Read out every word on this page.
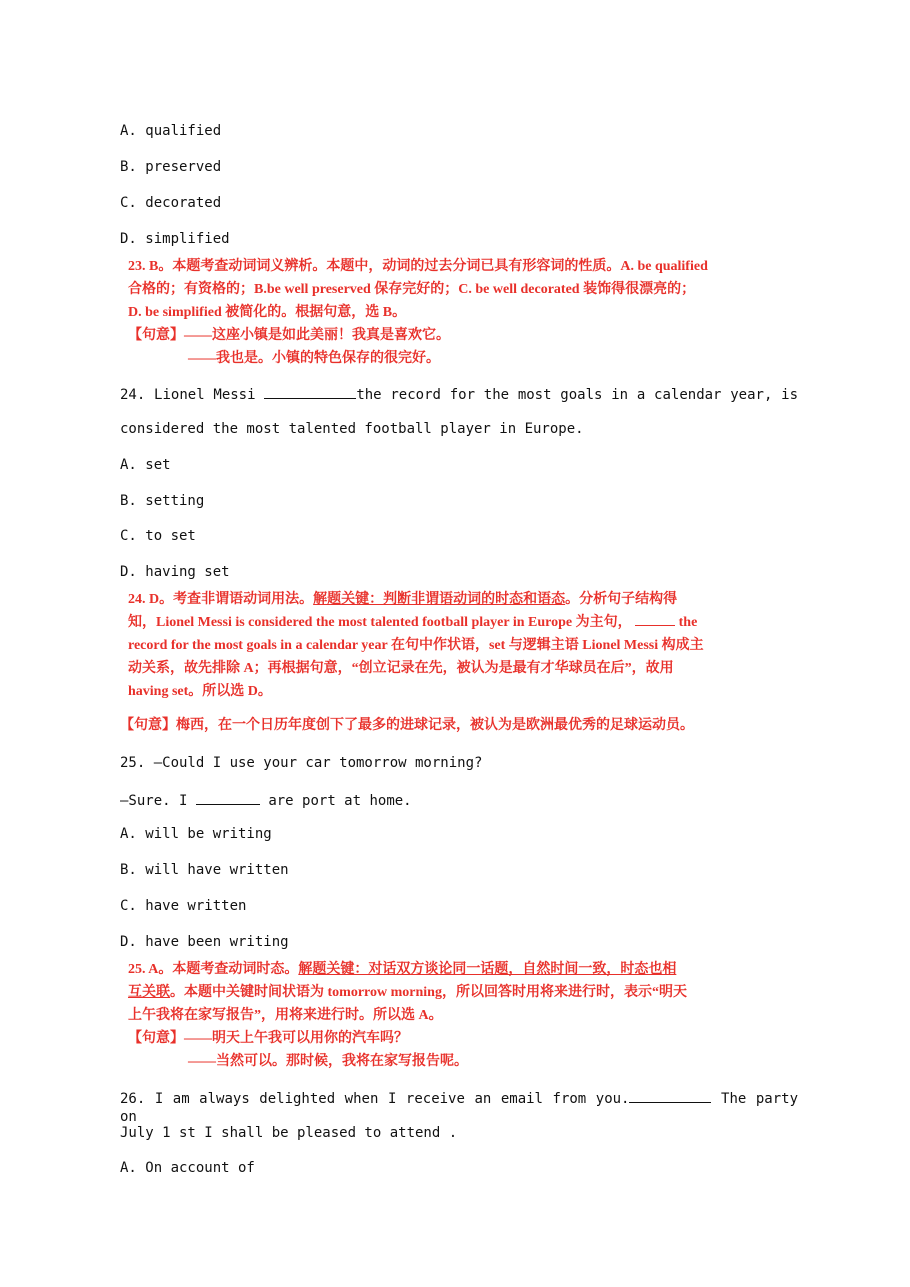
A. qualified
B. preserved
C. decorated
D. simplified

23. B。本题考查动词词义辨析。本题中，动词的过去分词已具有形容词的性质。A. be qualified

合格的；有资格的；B.be well preserved 保存完好的；C. be well decorated 装饰得很漂亮的；

D. be simplified 被简化的。根据句意，选 B。

【句意】——这座小镇是如此美丽！我真是喜欢它。

——我也是。小镇的特色保存的很完好。

24. Lionel Messi	the record for the most goals in a calendar year, is
considered the most talented football player in Europe.
A. set
B. setting
C. to set
D. having set

24. D。考查非谓语动词用法。解题关键：判断非谓语动词的时态和语态。分析句子结构得

知，Lionel Messi is considered the most talented football player in Europe 为主句，	the

record for the most goals in a calendar year 在句中作状语，set 与逻辑主语 Lionel Messi 构成主

动关系，故先排除 A；再根据句意，“创立记录在先，被认为是最有才华球员在后”，故用

having set。所以选 D。

【句意】梅西，在一个日历年度创下了最多的进球记录，被认为是欧洲最优秀的足球运动员。

25. —Could I use your car tomorrow morning?
—Sure. I	are port at home.
A. will be writing
B. will have written
C. have written
D. have been writing

25. A。本题考查动词时态。解题关键：对话双方谈论同一话题，自然时间一致，时态也相

互关联。本题中关键时间状语为 tomorrow morning，所以回答时用将来进行时，表示“明天

上午我将在家写报告”，用将来进行时。所以选 A。

【句意】——明天上午我可以用你的汽车吗？

——当然可以。那时候，我将在家写报告呢。

26. I am always delighted when I receive an email from you.	The party on
July 1 st I shall be pleased to attend .
A. On account of
